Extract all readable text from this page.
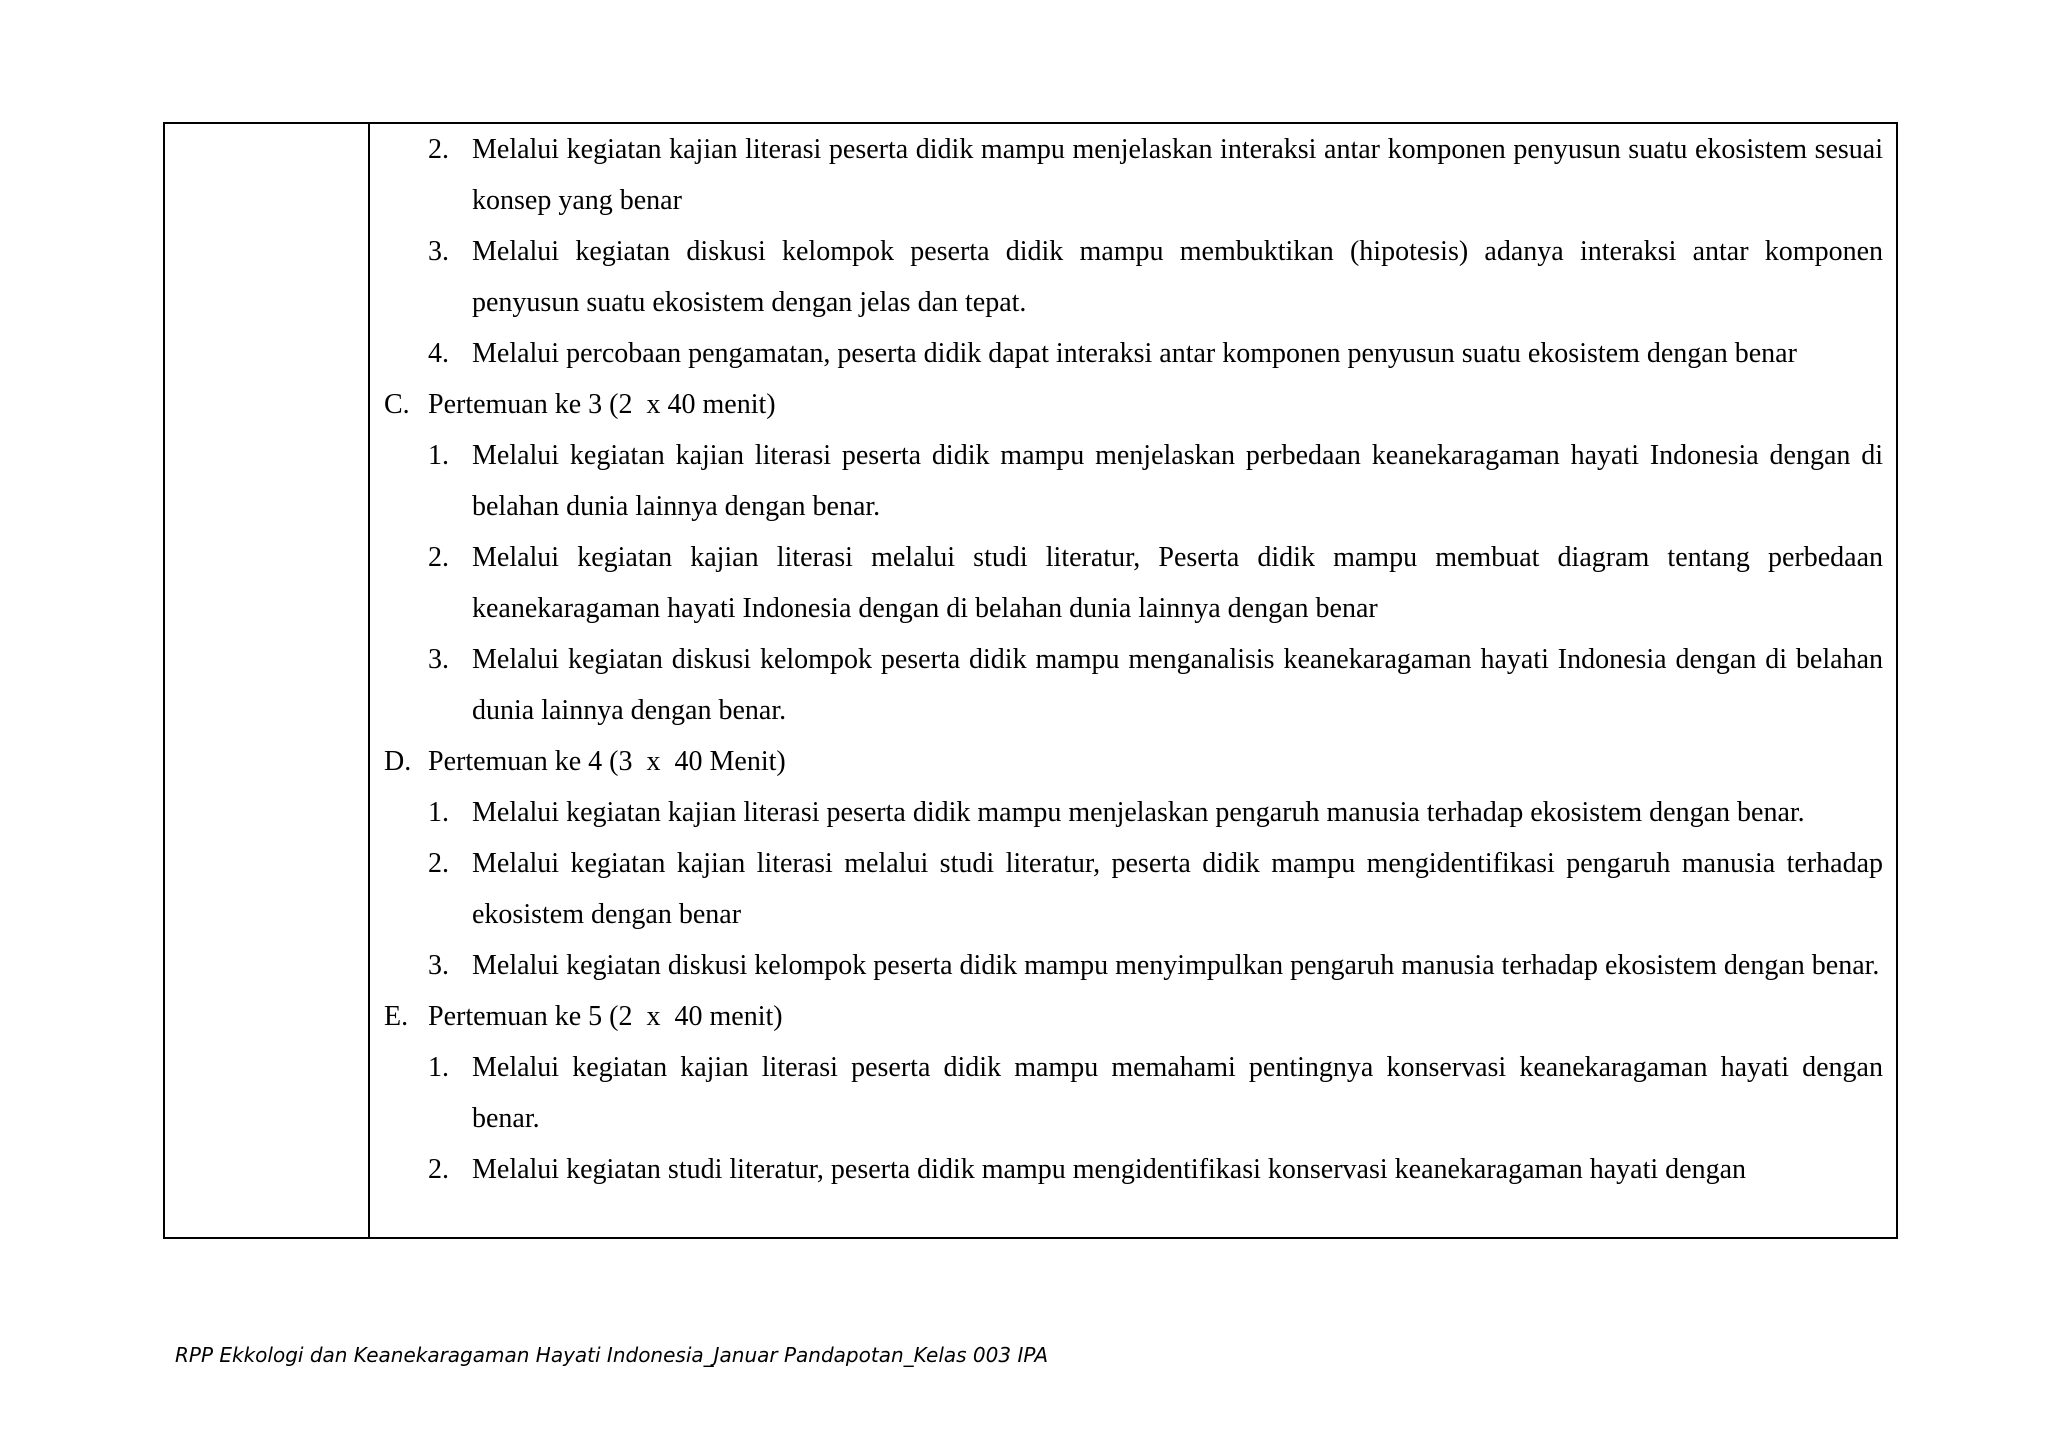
2. Melalui kegiatan kajian literasi peserta didik mampu menjelaskan interaksi antar komponen penyusun suatu ekosistem sesuai konsep yang benar
3. Melalui kegiatan diskusi kelompok peserta didik mampu membuktikan (hipotesis) adanya interaksi antar komponen penyusun suatu ekosistem dengan jelas dan tepat.
4. Melalui percobaan pengamatan, peserta didik dapat interaksi antar komponen penyusun suatu ekosistem dengan benar
C. Pertemuan ke 3 (2  x 40 menit)
1. Melalui kegiatan kajian literasi peserta didik mampu menjelaskan perbedaan keanekaragaman hayati Indonesia dengan di belahan dunia lainnya dengan benar.
2. Melalui kegiatan kajian literasi melalui studi literatur, Peserta didik mampu membuat diagram tentang perbedaan keanekaragaman hayati Indonesia dengan di belahan dunia lainnya dengan benar
3. Melalui kegiatan diskusi kelompok peserta didik mampu menganalisis keanekaragaman hayati Indonesia dengan di belahan dunia lainnya dengan benar.
D. Pertemuan ke 4 (3  x  40 Menit)
1. Melalui kegiatan kajian literasi peserta didik mampu menjelaskan pengaruh manusia terhadap ekosistem dengan benar.
2. Melalui kegiatan kajian literasi melalui studi literatur, peserta didik mampu mengidentifikasi pengaruh manusia terhadap ekosistem dengan benar
3. Melalui kegiatan diskusi kelompok peserta didik mampu menyimpulkan pengaruh manusia terhadap ekosistem dengan benar.
E. Pertemuan ke 5 (2  x  40 menit)
1. Melalui kegiatan kajian literasi peserta didik mampu memahami pentingnya konservasi keanekaragaman hayati dengan benar.
2. Melalui kegiatan studi literatur, peserta didik mampu mengidentifikasi konservasi keanekaragaman hayati dengan
RPP Ekkologi dan Keanekaragaman Hayati Indonesia_Januar Pandapotan_Kelas 003 IPA
